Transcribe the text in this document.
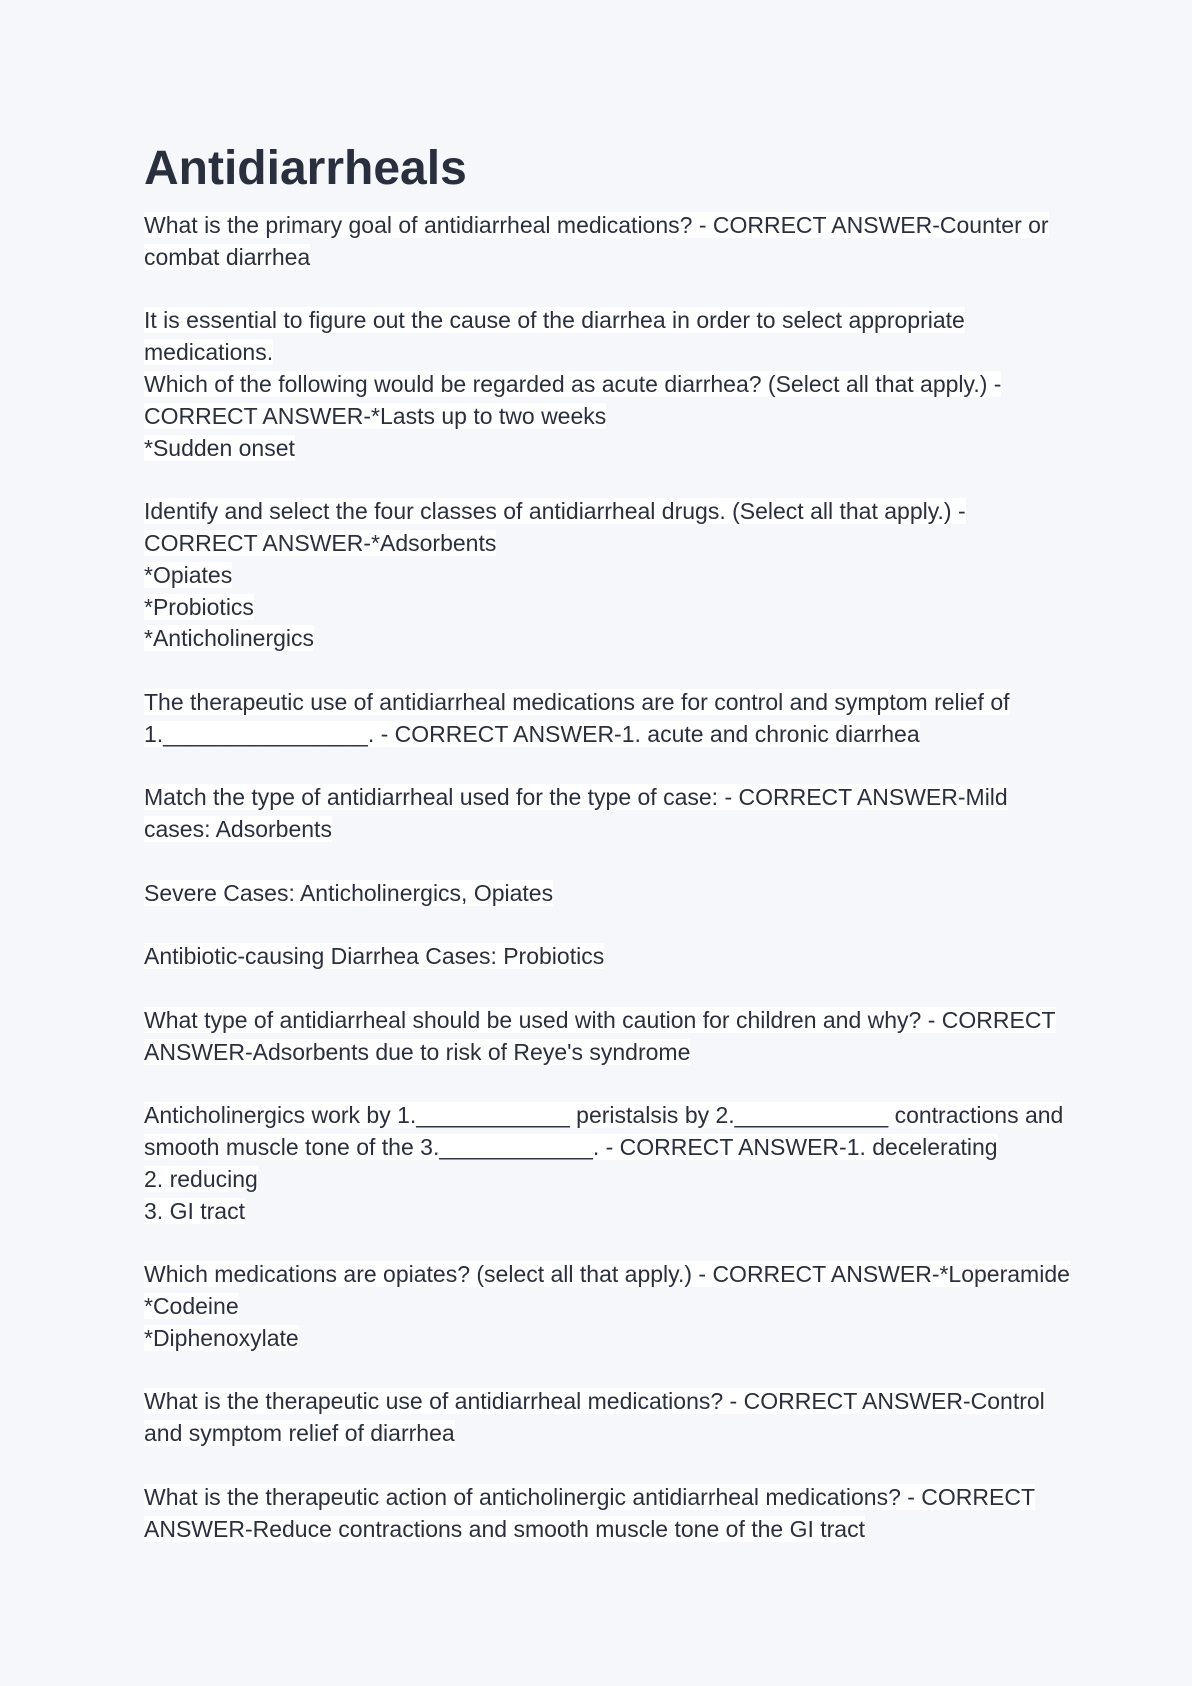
Antidiarrheals
What is the primary goal of antidiarrheal medications? - CORRECT ANSWER-Counter or
combat diarrhea
It is essential to figure out the cause of the diarrhea in order to select appropriate
medications.
Which of the following would be regarded as acute diarrhea? (Select all that apply.) -
CORRECT ANSWER-*Lasts up to two weeks
*Sudden onset
Identify and select the four classes of antidiarrheal drugs. (Select all that apply.) -
CORRECT ANSWER-*Adsorbents
*Opiates
*Probiotics
*Anticholinergics
The therapeutic use of antidiarrheal medications are for control and symptom relief of
1.________________. - CORRECT ANSWER-1. acute and chronic diarrhea
Match the type of antidiarrheal used for the type of case: - CORRECT ANSWER-Mild
cases: Adsorbents
Severe Cases: Anticholinergics, Opiates
Antibiotic-causing Diarrhea Cases: Probiotics
What type of antidiarrheal should be used with caution for children and why? - CORRECT
ANSWER-Adsorbents due to risk of Reye's syndrome
Anticholinergics work by 1.____________ peristalsis by 2.____________ contractions and
smooth muscle tone of the 3.____________. - CORRECT ANSWER-1. decelerating
2. reducing
3. GI tract
Which medications are opiates? (select all that apply.) - CORRECT ANSWER-*Loperamide
*Codeine
*Diphenoxylate
What is the therapeutic use of antidiarrheal medications? - CORRECT ANSWER-Control
and symptom relief of diarrhea
What is the therapeutic action of anticholinergic antidiarrheal medications? - CORRECT
ANSWER-Reduce contractions and smooth muscle tone of the GI tract
